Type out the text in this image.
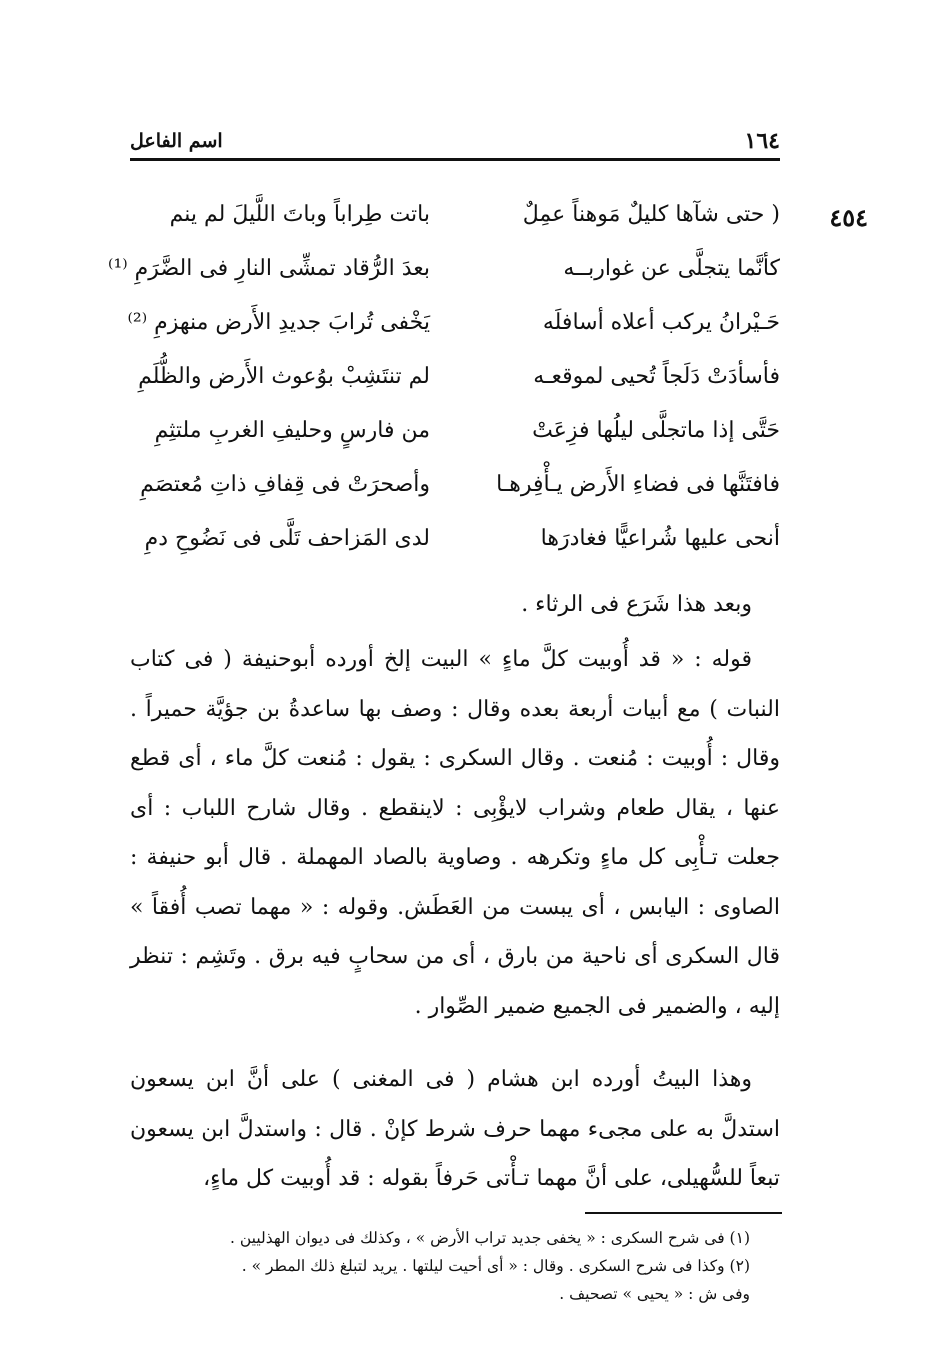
١٦٤
اسم الفاعل
٤٥٤
( حتى شآها كليلٌ مَوهناً عمِلٌ
باتت طِراباً وباتَ اللَّيلَ لم ينم
كأنَّما يتجلَّى عن غواربــه
بعدَ الرُّقاد تمشِّى النارِ فى الضَّرَمِ ⁽¹⁾
حَـيْرانُ يركب أعلاه أسافلَه
يَخْفى تُرابَ جديدِ الأَرض منهزمِ ⁽²⁾
فأسأدَتْ دَلَجاً تُحيى لموقعـه
لم تنتَشِبْ بوُعوث الأَرض والظُّلَمِ
حَتَّى إذا ماتجلَّى ليلُها فزِعَتْ
من فارسٍ وحليفِ الغربِ ملتثِمِ
فافتَنَّها فى فضاءِ الأَرض يـأْفِرهـا
وأصحرَتْ فى قِفافِ ذاتِ مُعتصَمِ
أنحى عليها شُراعيًّا فغادرَها
لدى المَزاحف تَلَّى فى نَضُوحِ دمِ

وبعد هذا شَرَع فى الرثاء .

قوله : « قد أُوبيت كلَّ ماءٍ » البيت إلخ أورده أبوحنيفة ( فى كتاب النبات ) مع أبيات أربعة بعده وقال : وصف بها ساعدةُ بن جؤيَّة حميراً . وقال : أُوبيت : مُنعت . وقال السكرى : يقول : مُنعت كلَّ ماء ، أى قطع عنها ، يقال طعام وشراب لايؤْبِى : لاينقطع . وقال شارح اللباب : أى جعلت تـأْبِى كل ماءٍ وتكرهه . وصاوية بالصاد المهملة . قال أبو حنيفة : الصاوى : اليابس ، أى يبست من العَطَش. وقوله : « مهما تصب أُفقاً » قال السكرى أى ناحية من بارق ، أى من سحابٍ فيه برق . وتَشِم : تنظر إليه ، والضمير فى الجميع ضمير الصِّوار .

وهذا البيتُ أورده ابن هشام ( فى المغنى ) على أنَّ ابن يسعون استدلَّ به على مجىء مهما حرف شرط كإنْ . قال : واستدلَّ ابن يسعون تبعاً للسُّهيلى، على أنَّ مهما تـأْتى حَرفاً بقوله : قد أُوبيت كل ماءٍ،

(١) فى شرح السكرى : « يخفى جديد تراب الأرض » ، وكذلك فى ديوان الهذليين .

(٢) وكذا فى شرح السكرى . وقال : « أى أحيت ليلتها . يريد لتبلغ ذلك المطر » .

وفى ش : « يحيى » تصحيف .
